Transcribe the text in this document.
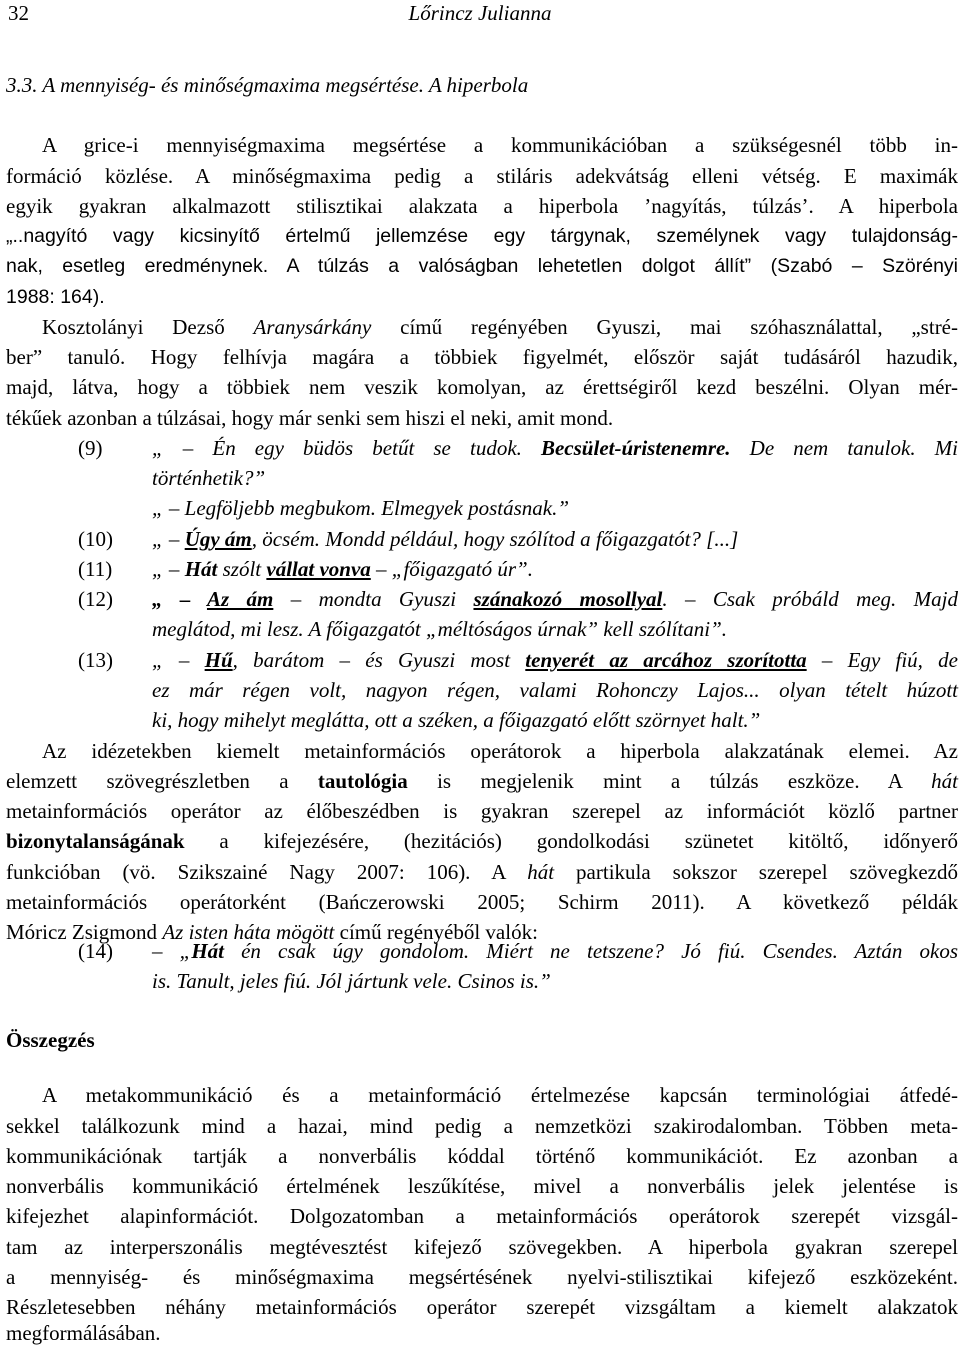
32	Lőrincz Julianna
3.3. A mennyiség- és minőségmaxima megsértése. A hiperbola
A grice-i mennyiségmaxima megsértése a kommunikációban a szükségesnél több in-
formáció közlése. A minőségmaxima pedig a stiláris adekvátság elleni vétség. E maximák
egyik gyakran alkalmazott stilisztikai alakzata a hiperbola ’nagyítás, túlzás’. A hiperbola
„..nagyító vagy kicsinyítő értelmű jellemzése egy tárgynak, személynek vagy tulajdonság-
nak, esetleg eredménynek. A túlzás a valóságban lehetetlen dolgot állít” (Szabó – Szörényi
1988: 164).
Kosztolányi Dezső Aranysárkány című regényében Gyuszi, mai szóhasználattal, „stré-
ber” tanuló. Hogy felhívja magára a többiek figyelmét, először saját tudásáról hazudik,
majd, látva, hogy a többiek nem veszik komolyan, az érettségiről kezd beszélni. Olyan mér-
tékűek azonban a túlzásai, hogy már senki sem hiszi el neki, amit mond.
(9) „ – Én egy büdös betűt se tudok. Becsület-úristenemre. De nem tanulok. Mi
történhetik?”
„ – Legföljebb megbukom. Elmegyek postásnak.”
(10) „ – Úgy ám, öcsém. Mondd például, hogy szólítod a főigazgatót? [...]
(11) „ – Hát szólt vállat vonva – „főigazgató úr”.
(12) „ – Az ám – mondta Gyuszi szánakozó mosollyal. – Csak próbáld meg. Majd
meglátod, mi lesz. A főigazgatót „méltóságos úrnak” kell szólítani”.
(13) „ – Hű, barátom – és Gyuszi most tenyerét az arcához szorította – Egy fiú, de
ez már régen volt, nagyon régen, valami Rohonczy Lajos... olyan tételt húzott
ki, hogy mihelyt meglátta, ott a széken, a főigazgató előtt szörnyet halt.”
Az idézetekben kiemelt metainformációs operátorok a hiperbola alakzatának elemei. Az
elemzett szövegrészletben a tautológia is megjelenik mint a túlzás eszköze. A hát
metainformációs operátor az élőbeszédben is gyakran szerepel az információt közlő partner
bizonytalanságának a kifejezésére, (hezitációs) gondolkodási szünetet kitöltő, időnyerő
funkcióban (vö. Szikszainé Nagy 2007: 106). A hát partikula sokszor szerepel szövegkezdő
metainformációs operátorként (Bańczerowski 2005; Schirm 2011). A következő példák
Móricz Zsigmond Az isten háta mögött című regényéből valók:
(14) – „Hát én csak úgy gondolom. Miért ne tetszene? Jó fiú. Csendes. Aztán okos
is. Tanult, jeles fiú. Jól jártunk vele. Csinos is.”
Összegzés
A metakommunikáció és a metainformáció értelmezése kapcsán terminológiai átfedé-
sekkel találkozunk mind a hazai, mind pedig a nemzetközi szakirodalomban. Többen meta-
kommunikációnak tartják a nonverbális kóddal történő kommunikációt. Ez azonban a
nonverbális kommunikáció értelmének leszűkítése, mivel a nonverbális jelek jelentése is
kifejezhet alapinformációt. Dolgozatomban a metainformációs operátorok szerepét vizsgál-
tam az interperszonális megtévesztést kifejező szövegekben. A hiperbola gyakran szerepel
a mennyiség- és minőségmaxima megsértésének nyelvi-stilisztikai kifejező eszközeként.
Részletesebben néhány metainformációs operátor szerepét vizsgáltam a kiemelt alakzatok
megformálásában.
